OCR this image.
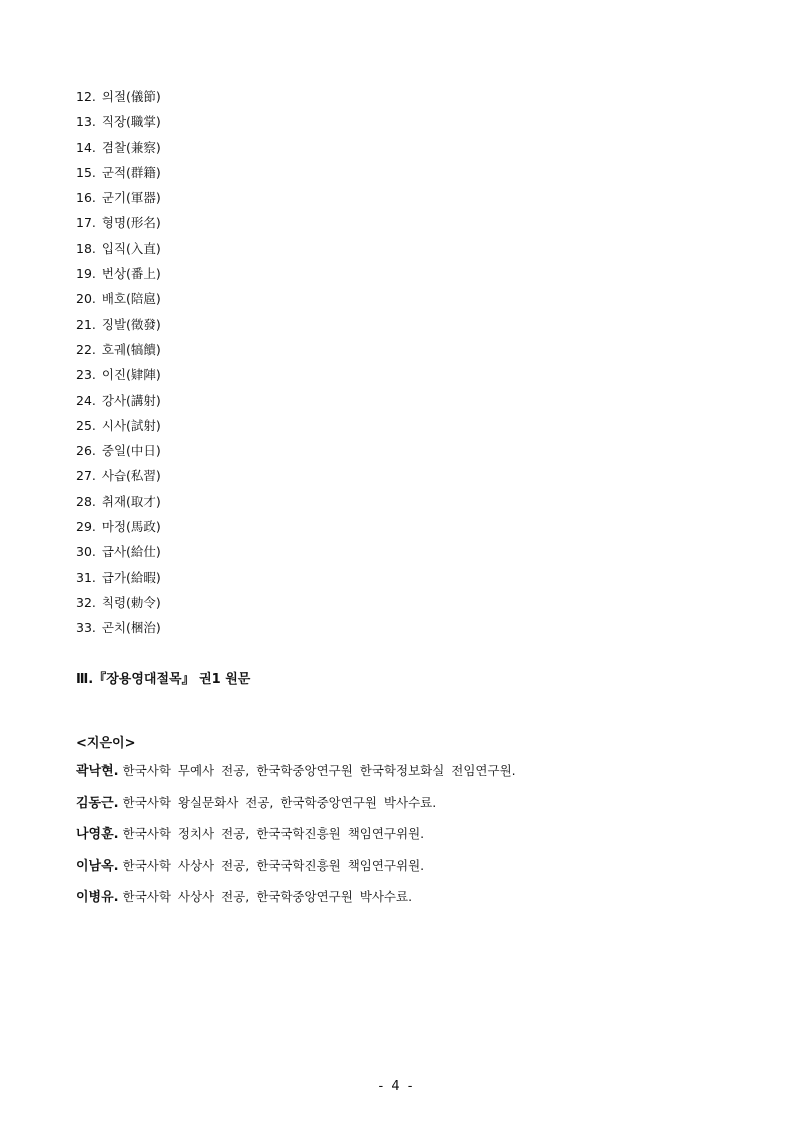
12. 의절(儀節)
13. 직장(職掌)
14. 겸찰(兼察)
15. 군적(群籍)
16. 군기(軍器)
17. 형명(形名)
18. 입직(入直)
19. 번상(番上)
20. 배호(陪扈)
21. 징발(徵發)
22. 호궤(犒饋)
23. 이진(肄陣)
24. 강사(講射)
25. 시사(試射)
26. 중일(中日)
27. 사습(私習)
28. 취재(取才)
29. 마정(馬政)
30. 급사(給仕)
31. 급가(給暇)
32. 칙령(勅令)
33. 곤치(梱治)
Ⅲ.『장용영대절목』 권1 원문
<지은이>
곽낙현. 한국사학 무예사 전공, 한국학중앙연구원 한국학정보화실 전임연구원.
김동근. 한국사학 왕실문화사 전공, 한국학중앙연구원 박사수료.
나영훈. 한국사학 정치사 전공, 한국국학진흥원 책임연구위원.
이남옥. 한국사학 사상사 전공, 한국국학진흥원 책임연구위원.
이병유. 한국사학 사상사 전공, 한국학중앙연구원 박사수료.
- 4 -
